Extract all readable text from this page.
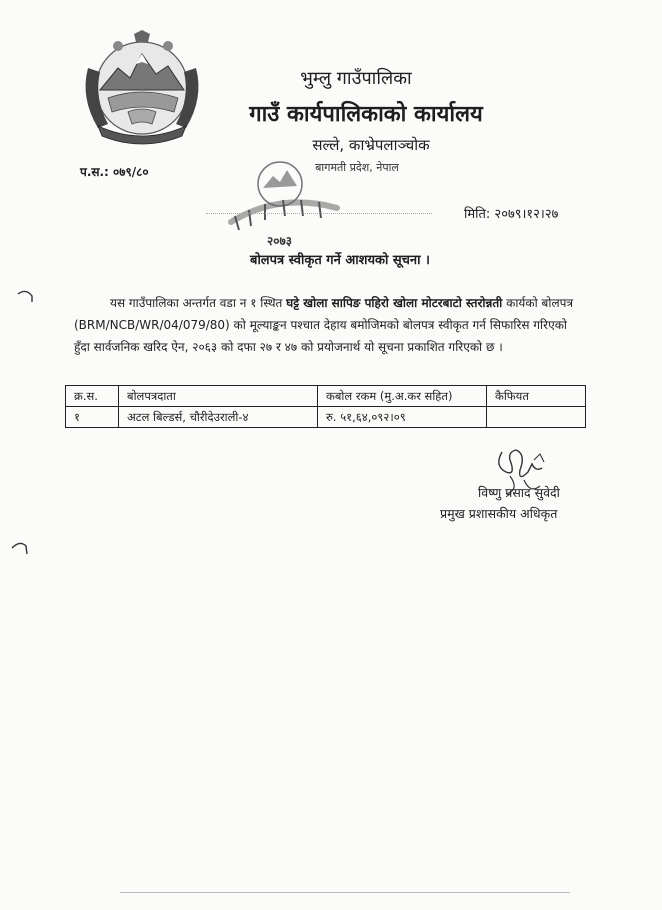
भुम्लु गाउँपालिका
गाउँ कार्यपालिकाको कार्यालय
सल्ले, काभ्रेपलाञ्चोक
बागमती प्रदेश, नेपाल
प.स.: ०७९/८०
२०७३
मिति: २०७९।१२।२७
बोलपत्र स्वीकृत गर्ने आशयको सूचना ।
यस गाउँपालिका अन्तर्गत वडा न १ स्थित घट्टे खोला सापिङ पहिरो खोला मोटरबाटो स्तरोन्नती कार्यको बोलपत्र (BRM/NCB/WR/04/079/80) को मूल्याङ्कन पश्चात देहाय बमोजिमको बोलपत्र स्वीकृत गर्न सिफारिस गरिएको हुँदा सार्वजनिक खरिद ऐन, २०६३ को दफा २७ र ४७ को प्रयोजनार्थ यो सूचना प्रकाशित गरिएको छ ।
क्र.स.	बोलपत्रदाता	कबोल रकम (मु.अ.कर सहित)	कैफियत
१	अटल बिल्डर्स, चौरीदेउराली-४	रु. ५१,६४,०९२।०९	
विष्णु प्रसाद सुवेदी
प्रमुख प्रशासकीय अधिकृत
